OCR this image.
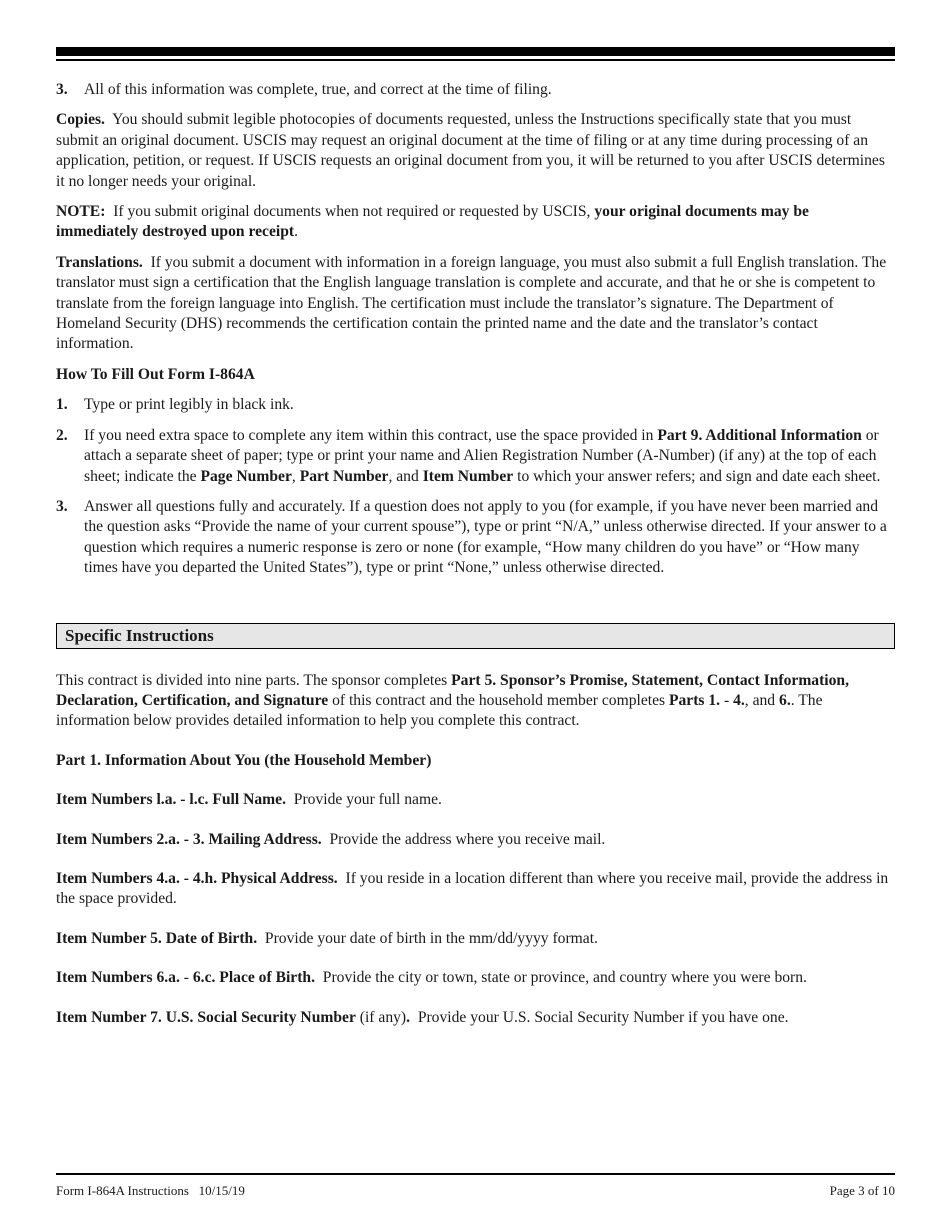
3.	All of this information was complete, true, and correct at the time of filing.

Copies. You should submit legible photocopies of documents requested, unless the Instructions specifically state that you must submit an original document. USCIS may request an original document at the time of filing or at any time during processing of an application, petition, or request. If USCIS requests an original document from you, it will be returned to you after USCIS determines it no longer needs your original.

NOTE: If you submit original documents when not required or requested by USCIS, your original documents may be immediately destroyed upon receipt.

Translations. If you submit a document with information in a foreign language, you must also submit a full English translation. The translator must sign a certification that the English language translation is complete and accurate, and that he or she is competent to translate from the foreign language into English. The certification must include the translator’s signature. The Department of Homeland Security (DHS) recommends the certification contain the printed name and the date and the translator’s contact information.

How To Fill Out Form I-864A

1.	Type or print legibly in black ink.
2.	If you need extra space to complete any item within this contract, use the space provided in Part 9. Additional Information or attach a separate sheet of paper; type or print your name and Alien Registration Number (A-Number) (if any) at the top of each sheet; indicate the Page Number, Part Number, and Item Number to which your answer refers; and sign and date each sheet.
3.	Answer all questions fully and accurately. If a question does not apply to you (for example, if you have never been married and the question asks “Provide the name of your current spouse”), type or print “N/A,” unless otherwise directed. If your answer to a question which requires a numeric response is zero or none (for example, “How many children do you have” or “How many times have you departed the United States”), type or print “None,” unless otherwise directed.
Specific Instructions

This contract is divided into nine parts. The sponsor completes Part 5. Sponsor’s Promise, Statement, Contact Information, Declaration, Certification, and Signature of this contract and the household member completes Parts 1. - 4., and 6.. The information below provides detailed information to help you complete this contract.

Part 1. Information About You (the Household Member)

Item Numbers l.a. - l.c. Full Name. Provide your full name.

Item Numbers 2.a. - 3. Mailing Address. Provide the address where you receive mail.

Item Numbers 4.a. - 4.h. Physical Address. If you reside in a location different than where you receive mail, provide the address in the space provided.

Item Number 5. Date of Birth. Provide your date of birth in the mm/dd/yyyy format.

Item Numbers 6.a. - 6.c. Place of Birth. Provide the city or town, state or province, and country where you were born.

Item Number 7. U.S. Social Security Number (if any). Provide your U.S. Social Security Number if you have one.

Form I-864A Instructions   10/15/19	Page 3 of 10
